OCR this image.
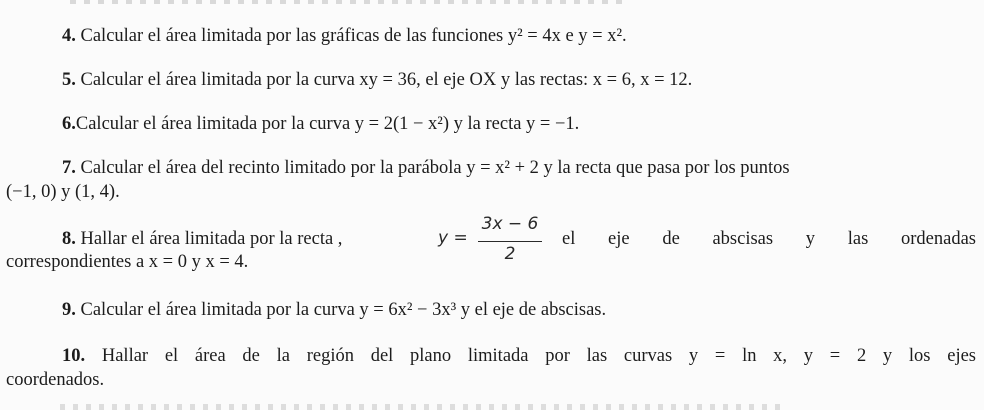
4. Calcular el área limitada por las gráficas de las funciones y² = 4x e y = x².
5. Calcular el área limitada por la curva xy = 36, el eje OX y las rectas: x = 6, x = 12.
6.Calcular el área limitada por la curva y = 2(1 − x²) y la recta y = −1.
7. Calcular el área del recinto limitado por la parábola y = x² + 2 y la recta que pasa por los puntos
(−1, 0) y (1, 4).
8. Hallar el área limitada por la recta ,	y =
3x − 6
2
el eje de abscisas y las ordenadas
correspondientes a x = 0 y x = 4.
9. Calcular el área limitada por la curva y = 6x² − 3x³ y el eje de abscisas.
10. Hallar el área de la región del plano limitada por las curvas y = ln x, y = 2 y los ejes
coordenados.
